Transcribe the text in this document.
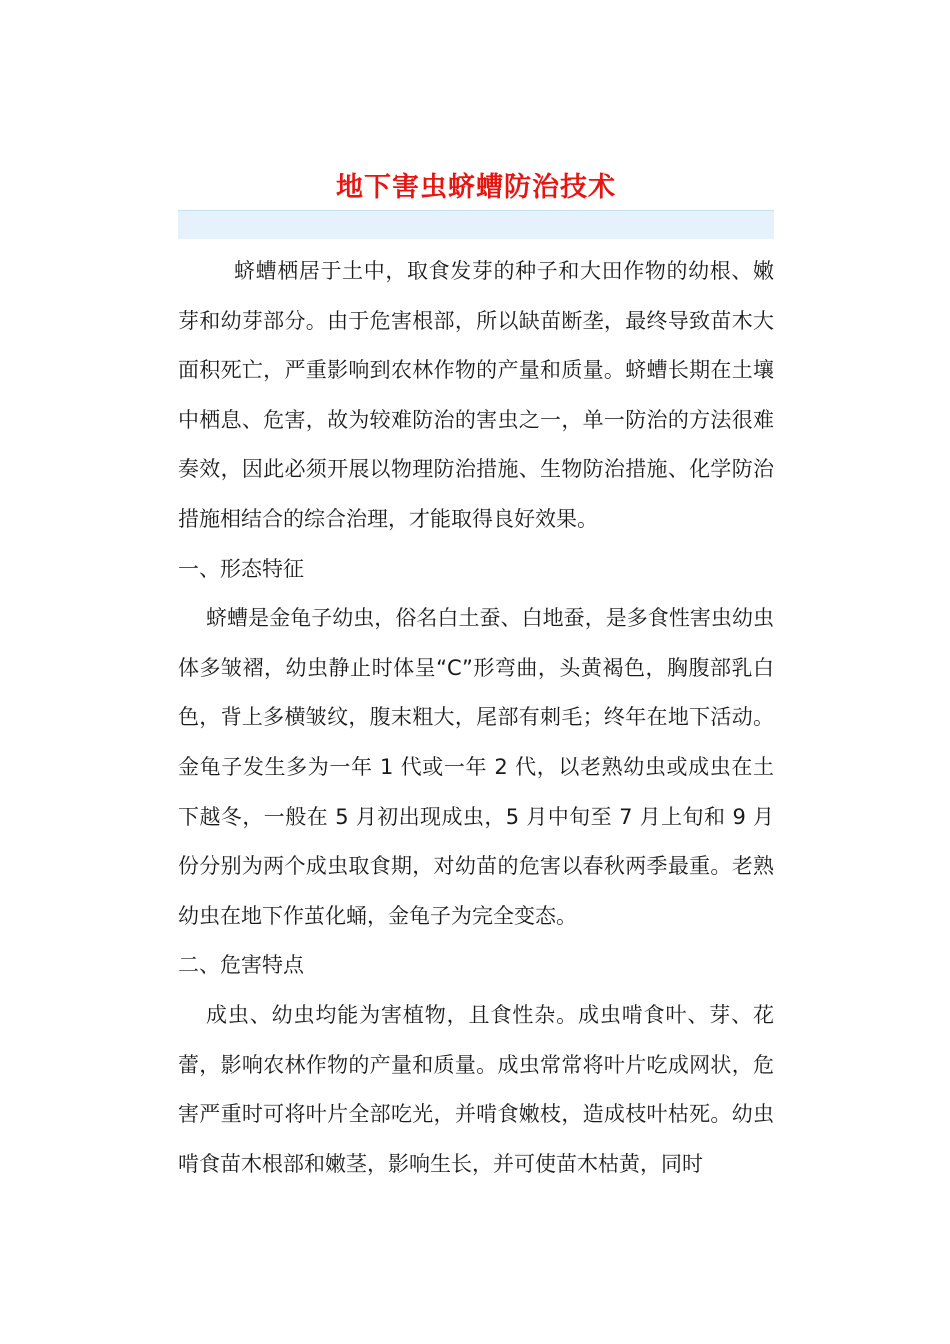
地下害虫蛴螬防治技术

蛴螬栖居于土中，取食发芽的种子和大田作物的幼根、嫩芽和幼芽部分。由于危害根部，所以缺苗断垄，最终导致苗木大面积死亡，严重影响到农林作物的产量和质量。蛴螬长期在土壤中栖息、危害，故为较难防治的害虫之一，单一防治的方法很难奏效，因此必须开展以物理防治措施、生物防治措施、化学防治措施相结合的综合治理，才能取得良好效果。

一、形态特征

蛴螬是金龟子幼虫，俗名白土蚕、白地蚕，是多食性害虫幼虫体多皱褶，幼虫静止时体呈“C”形弯曲，头黄褐色，胸腹部乳白色，背上多横皱纹，腹末粗大，尾部有刺毛；终年在地下活动。金龟子发生多为一年 1 代或一年 2 代，以老熟幼虫或成虫在土下越冬，一般在 5 月初出现成虫，5 月中旬至 7 月上旬和 9 月份分别为两个成虫取食期，对幼苗的危害以春秋两季最重。老熟幼虫在地下作茧化蛹，金龟子为完全变态。

二、危害特点

成虫、幼虫均能为害植物，且食性杂。成虫啃食叶、芽、花蕾，影响农林作物的产量和质量。成虫常常将叶片吃成网状，危害严重时可将叶片全部吃光，并啃食嫩枝，造成枝叶枯死。幼虫啃食苗木根部和嫩茎，影响生长，并可使苗木枯黄，同时
